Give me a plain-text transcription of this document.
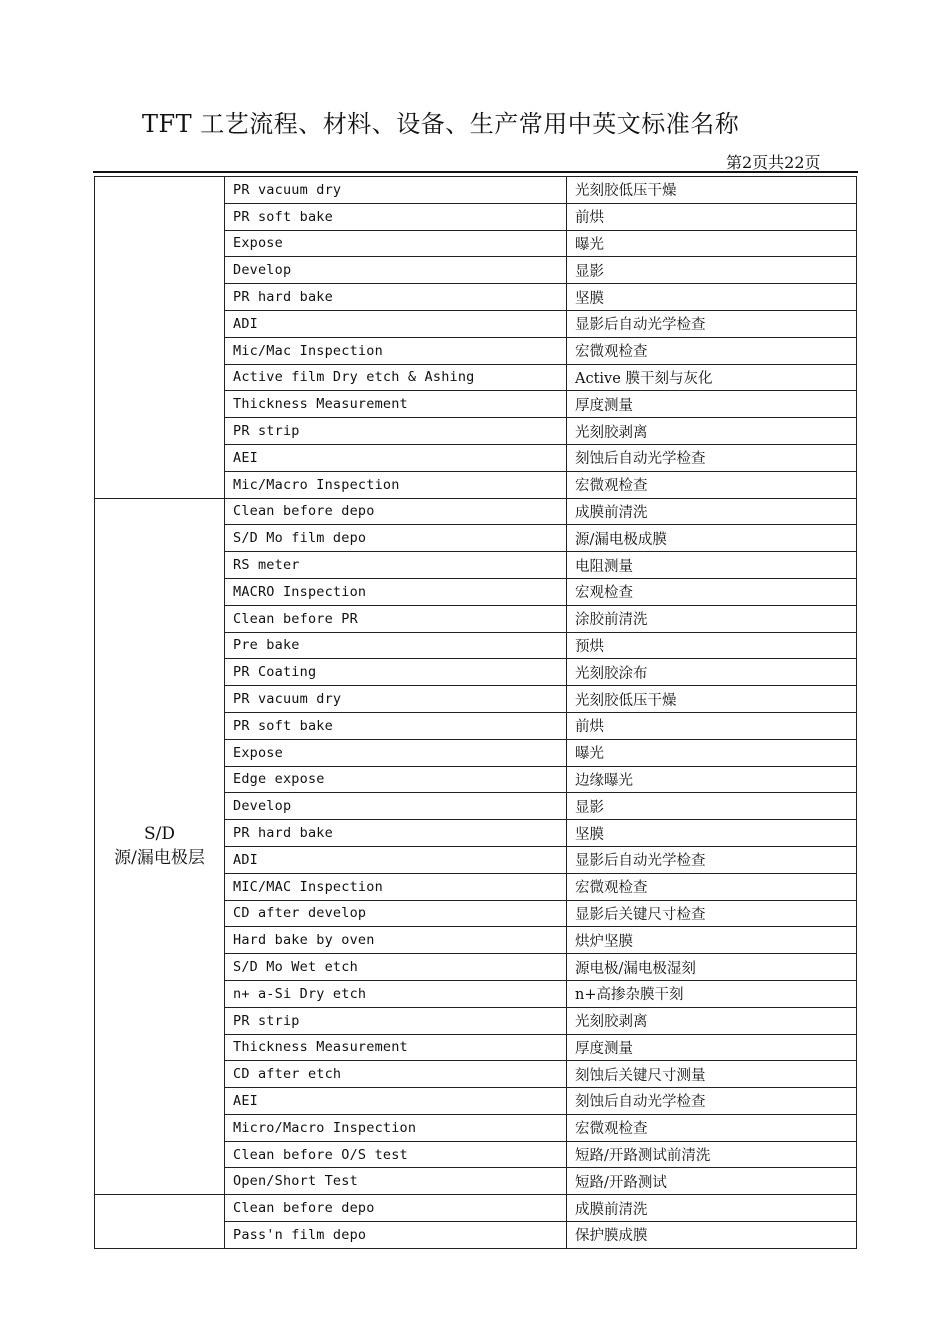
TFT 工艺流程、材料、设备、生产常用中英文标准名称
第2页共22页
	PR vacuum dry	光刻胶低压干燥
	PR soft bake	前烘
	Expose	曝光
	Develop	显影
	PR hard bake	坚膜
	ADI	显影后自动光学检查
	Mic/Mac Inspection	宏微观检查
	Active film Dry etch & Ashing	Active 膜干刻与灰化
	Thickness Measurement	厚度测量
	PR strip	光刻胶剥离
	AEI	刻蚀后自动光学检查
	Mic/Macro Inspection	宏微观检查

S/D
源/漏电极层	Clean before depo	成膜前清洗
	S/D Mo film depo	源/漏电极成膜
	RS meter	电阻测量
	MACRO Inspection	宏观检查
	Clean before PR	涂胶前清洗
	Pre bake	预烘
	PR Coating	光刻胶涂布
	PR vacuum dry	光刻胶低压干燥
	PR soft bake	前烘
	Expose	曝光
	Edge expose	边缘曝光
	Develop	显影
	PR hard bake	坚膜
	ADI	显影后自动光学检查
	MIC/MAC Inspection	宏微观检查
	CD after develop	显影后关键尺寸检查
	Hard bake by oven	烘炉坚膜
	S/D Mo Wet etch	源电极/漏电极湿刻
	n+ a-Si Dry etch	n+高掺杂膜干刻
	PR strip	光刻胶剥离
	Thickness Measurement	厚度测量
	CD after etch	刻蚀后关键尺寸测量
	AEI	刻蚀后自动光学检查
	Micro/Macro Inspection	宏微观检查
	Clean before O/S test	短路/开路测试前清洗
	Open/Short Test	短路/开路测试
	Clean before depo	成膜前清洗
	Pass'n film depo	保护膜成膜
